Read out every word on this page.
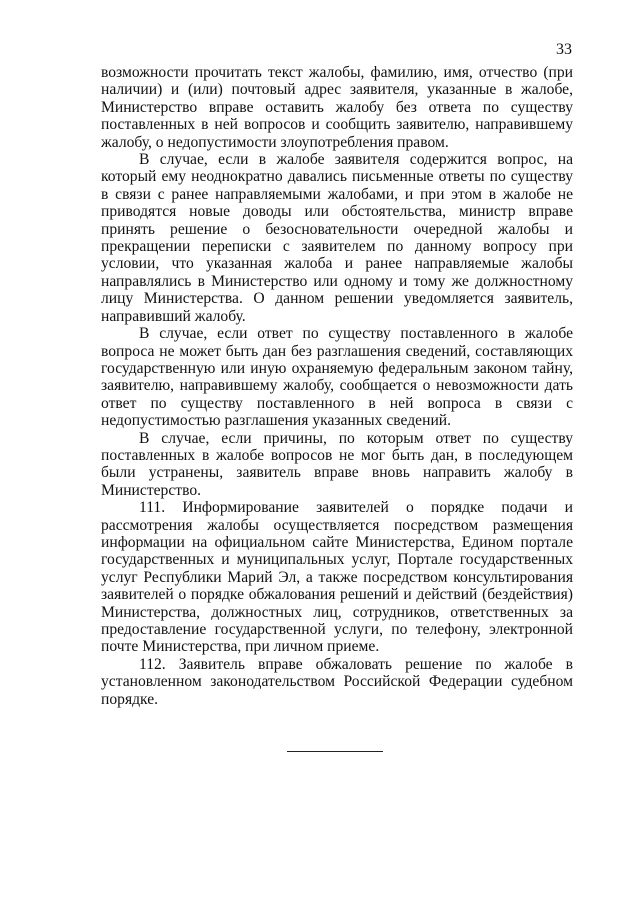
33

возможности прочитать текст жалобы, фамилию, имя, отчество (при наличии) и (или) почтовый адрес заявителя, указанные в жалобе, Министерство вправе оставить жалобу без ответа по существу поставленных в ней вопросов и сообщить заявителю, направившему жалобу, о недопустимости злоупотребления правом.

В случае, если в жалобе заявителя содержится вопрос, на который ему неоднократно давались письменные ответы по существу в связи с ранее направляемыми жалобами, и при этом в жалобе не приводятся новые доводы или обстоятельства, министр вправе принять решение о безосновательности очередной жалобы и прекращении переписки с заявителем по данному вопросу при условии, что указанная жалоба и ранее направляемые жалобы направлялись в Министерство или одному и тому же должностному лицу Министерства. О данном решении уведомляется заявитель, направивший жалобу.

В случае, если ответ по существу поставленного в жалобе вопроса не может быть дан без разглашения сведений, составляющих государственную или иную охраняемую федеральным законом тайну, заявителю, направившему жалобу, сообщается о невозможности дать ответ по существу поставленного в ней вопроса в связи с недопустимостью разглашения указанных сведений.

В случае, если причины, по которым ответ по существу поставленных в жалобе вопросов не мог быть дан, в последующем были устранены, заявитель вправе вновь направить жалобу в Министерство.

111. Информирование заявителей о порядке подачи и рассмотрения жалобы осуществляется посредством размещения информации на официальном сайте Министерства, Едином портале государственных и муниципальных услуг, Портале государственных услуг Республики Марий Эл, а также посредством консультирования заявителей о порядке обжалования решений и действий (бездействия) Министерства, должностных лиц, сотрудников, ответственных за предоставление государственной услуги, по телефону, электронной почте Министерства, при личном приеме.

112. Заявитель вправе обжаловать решение по жалобе в установленном законодательством Российской Федерации судебном порядке.
